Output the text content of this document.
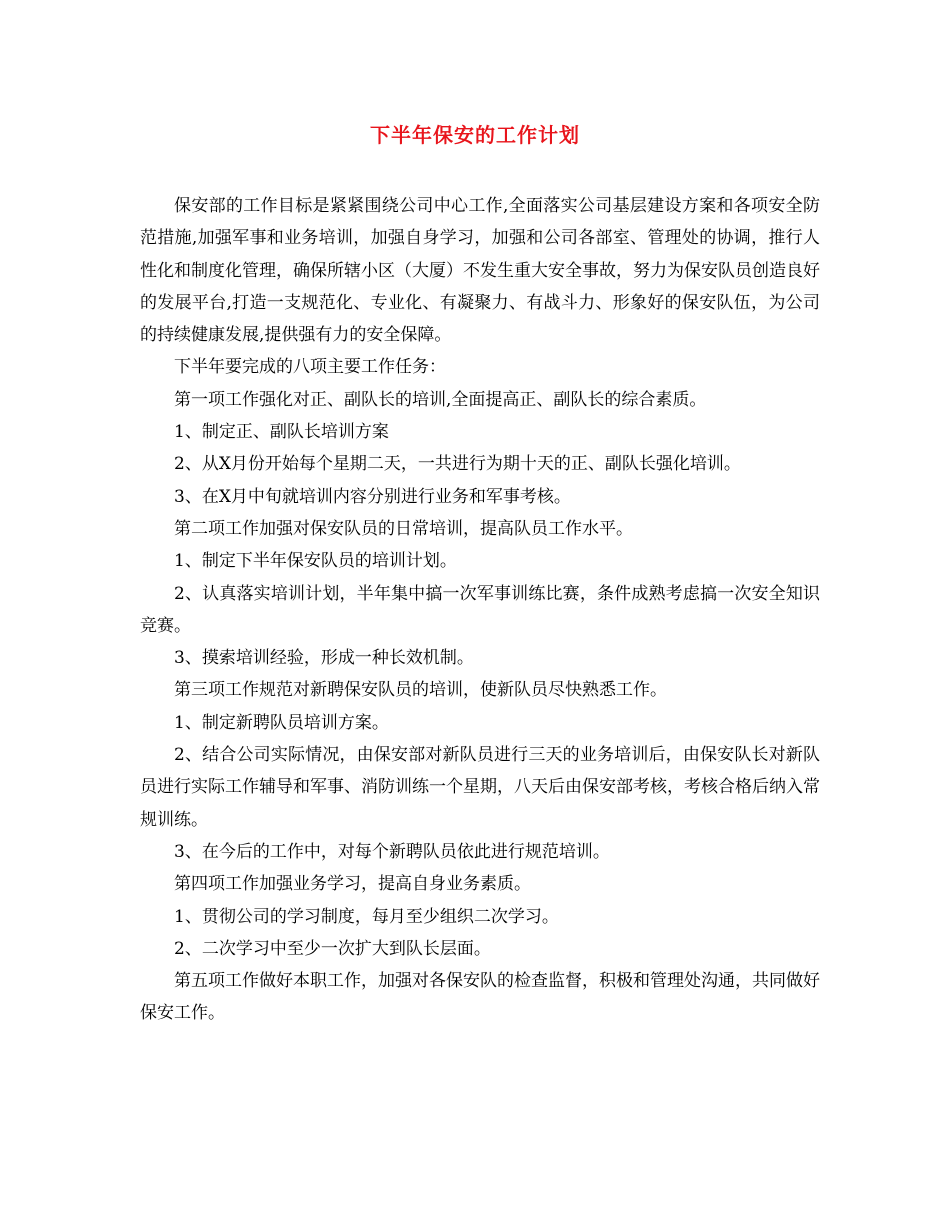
下半年保安的工作计划

保安部的工作目标是紧紧围绕公司中心工作,全面落实公司基层建设方案和各项安全防范措施,加强军事和业务培训，加强自身学习，加强和公司各部室、管理处的协调，推行人性化和制度化管理，确保所辖小区（大厦）不发生重大安全事故，努力为保安队员创造良好的发展平台,打造一支规范化、专业化、有凝聚力、有战斗力、形象好的保安队伍，为公司的持续健康发展,提供强有力的安全保障。

下半年要完成的八项主要工作任务：

第一项工作强化对正、副队长的培训,全面提高正、副队长的综合素质。

1、制定正、副队长培训方案

2、从X月份开始每个星期二天，一共进行为期十天的正、副队长强化培训。

3、在X月中旬就培训内容分别进行业务和军事考核。

第二项工作加强对保安队员的日常培训，提高队员工作水平。

1、制定下半年保安队员的培训计划。

2、认真落实培训计划，半年集中搞一次军事训练比赛，条件成熟考虑搞一次安全知识竞赛。

3、摸索培训经验，形成一种长效机制。

第三项工作规范对新聘保安队员的培训，使新队员尽快熟悉工作。

1、制定新聘队员培训方案。

2、结合公司实际情况，由保安部对新队员进行三天的业务培训后，由保安队长对新队员进行实际工作辅导和军事、消防训练一个星期，八天后由保安部考核，考核合格后纳入常规训练。

3、在今后的工作中，对每个新聘队员依此进行规范培训。

第四项工作加强业务学习，提高自身业务素质。

1、贯彻公司的学习制度，每月至少组织二次学习。

2、二次学习中至少一次扩大到队长层面。

第五项工作做好本职工作，加强对各保安队的检查监督，积极和管理处沟通，共同做好保安工作。
